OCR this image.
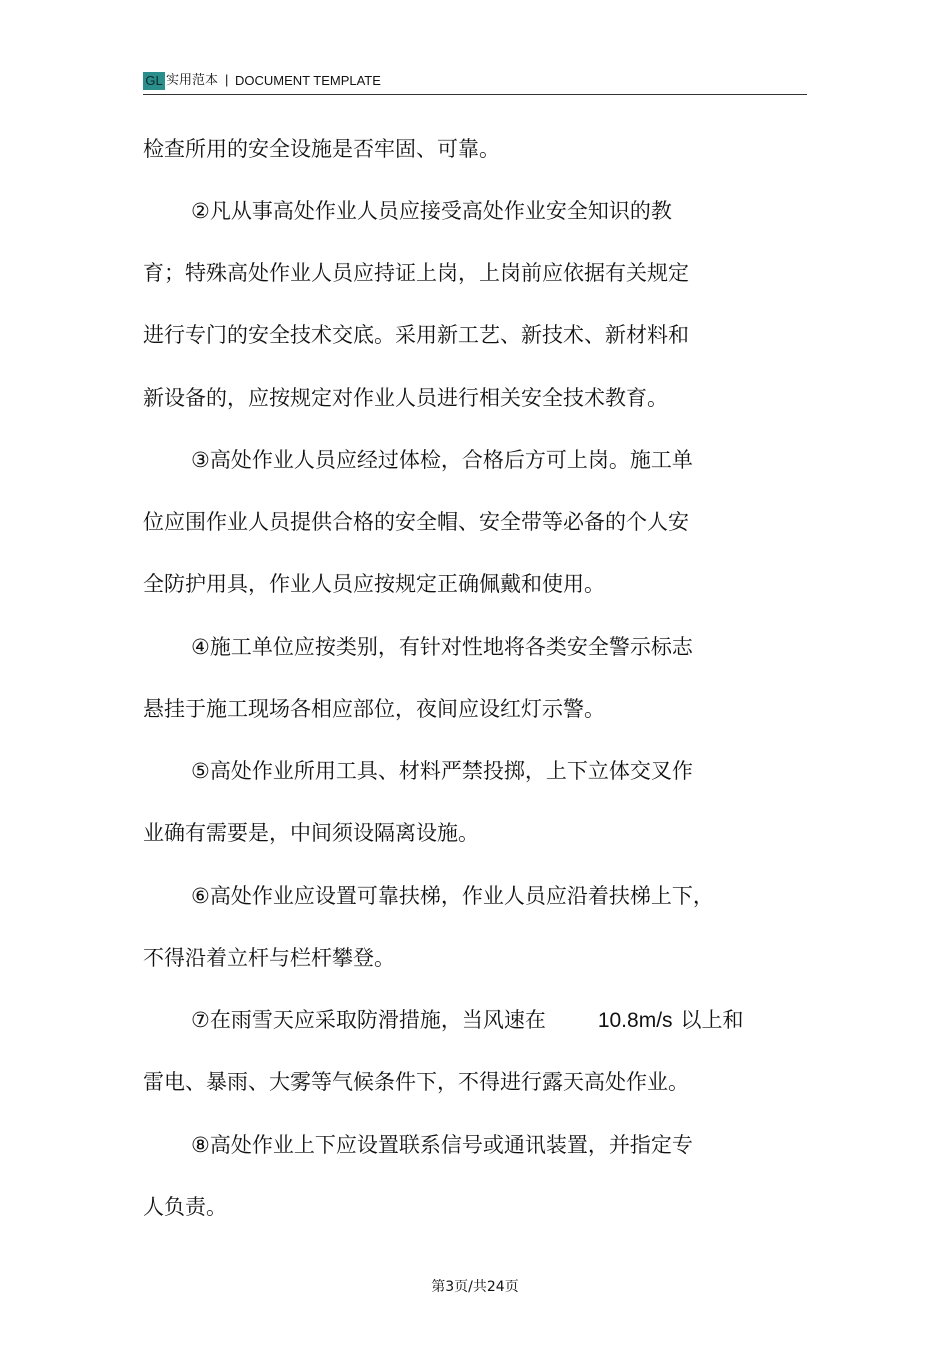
GL 实用范本 | DOCUMENT TEMPLATE
检查所用的安全设施是否牢固、可靠。
②凡从事高处作业人员应接受高处作业安全知识的教
育；特殊高处作业人员应持证上岗，上岗前应依据有关规定
进行专门的安全技术交底。采用新工艺、新技术、新材料和
新设备的，应按规定对作业人员进行相关安全技术教育。
③高处作业人员应经过体检，合格后方可上岗。施工单
位应围作业人员提供合格的安全帽、安全带等必备的个人安
全防护用具，作业人员应按规定正确佩戴和使用。
④施工单位应按类别，有针对性地将各类安全警示标志
悬挂于施工现场各相应部位，夜间应设红灯示警。
⑤高处作业所用工具、材料严禁投掷，上下立体交叉作
业确有需要是，中间须设隔离设施。
⑥高处作业应设置可靠扶梯，作业人员应沿着扶梯上下，
不得沿着立杆与栏杆攀登。
⑦在雨雪天应采取防滑措施，当风速在 10.8m/s 以上和
雷电、暴雨、大雾等气候条件下，不得进行露天高处作业。
⑧高处作业上下应设置联系信号或通讯装置，并指定专
人负责。
第3页/共24页
